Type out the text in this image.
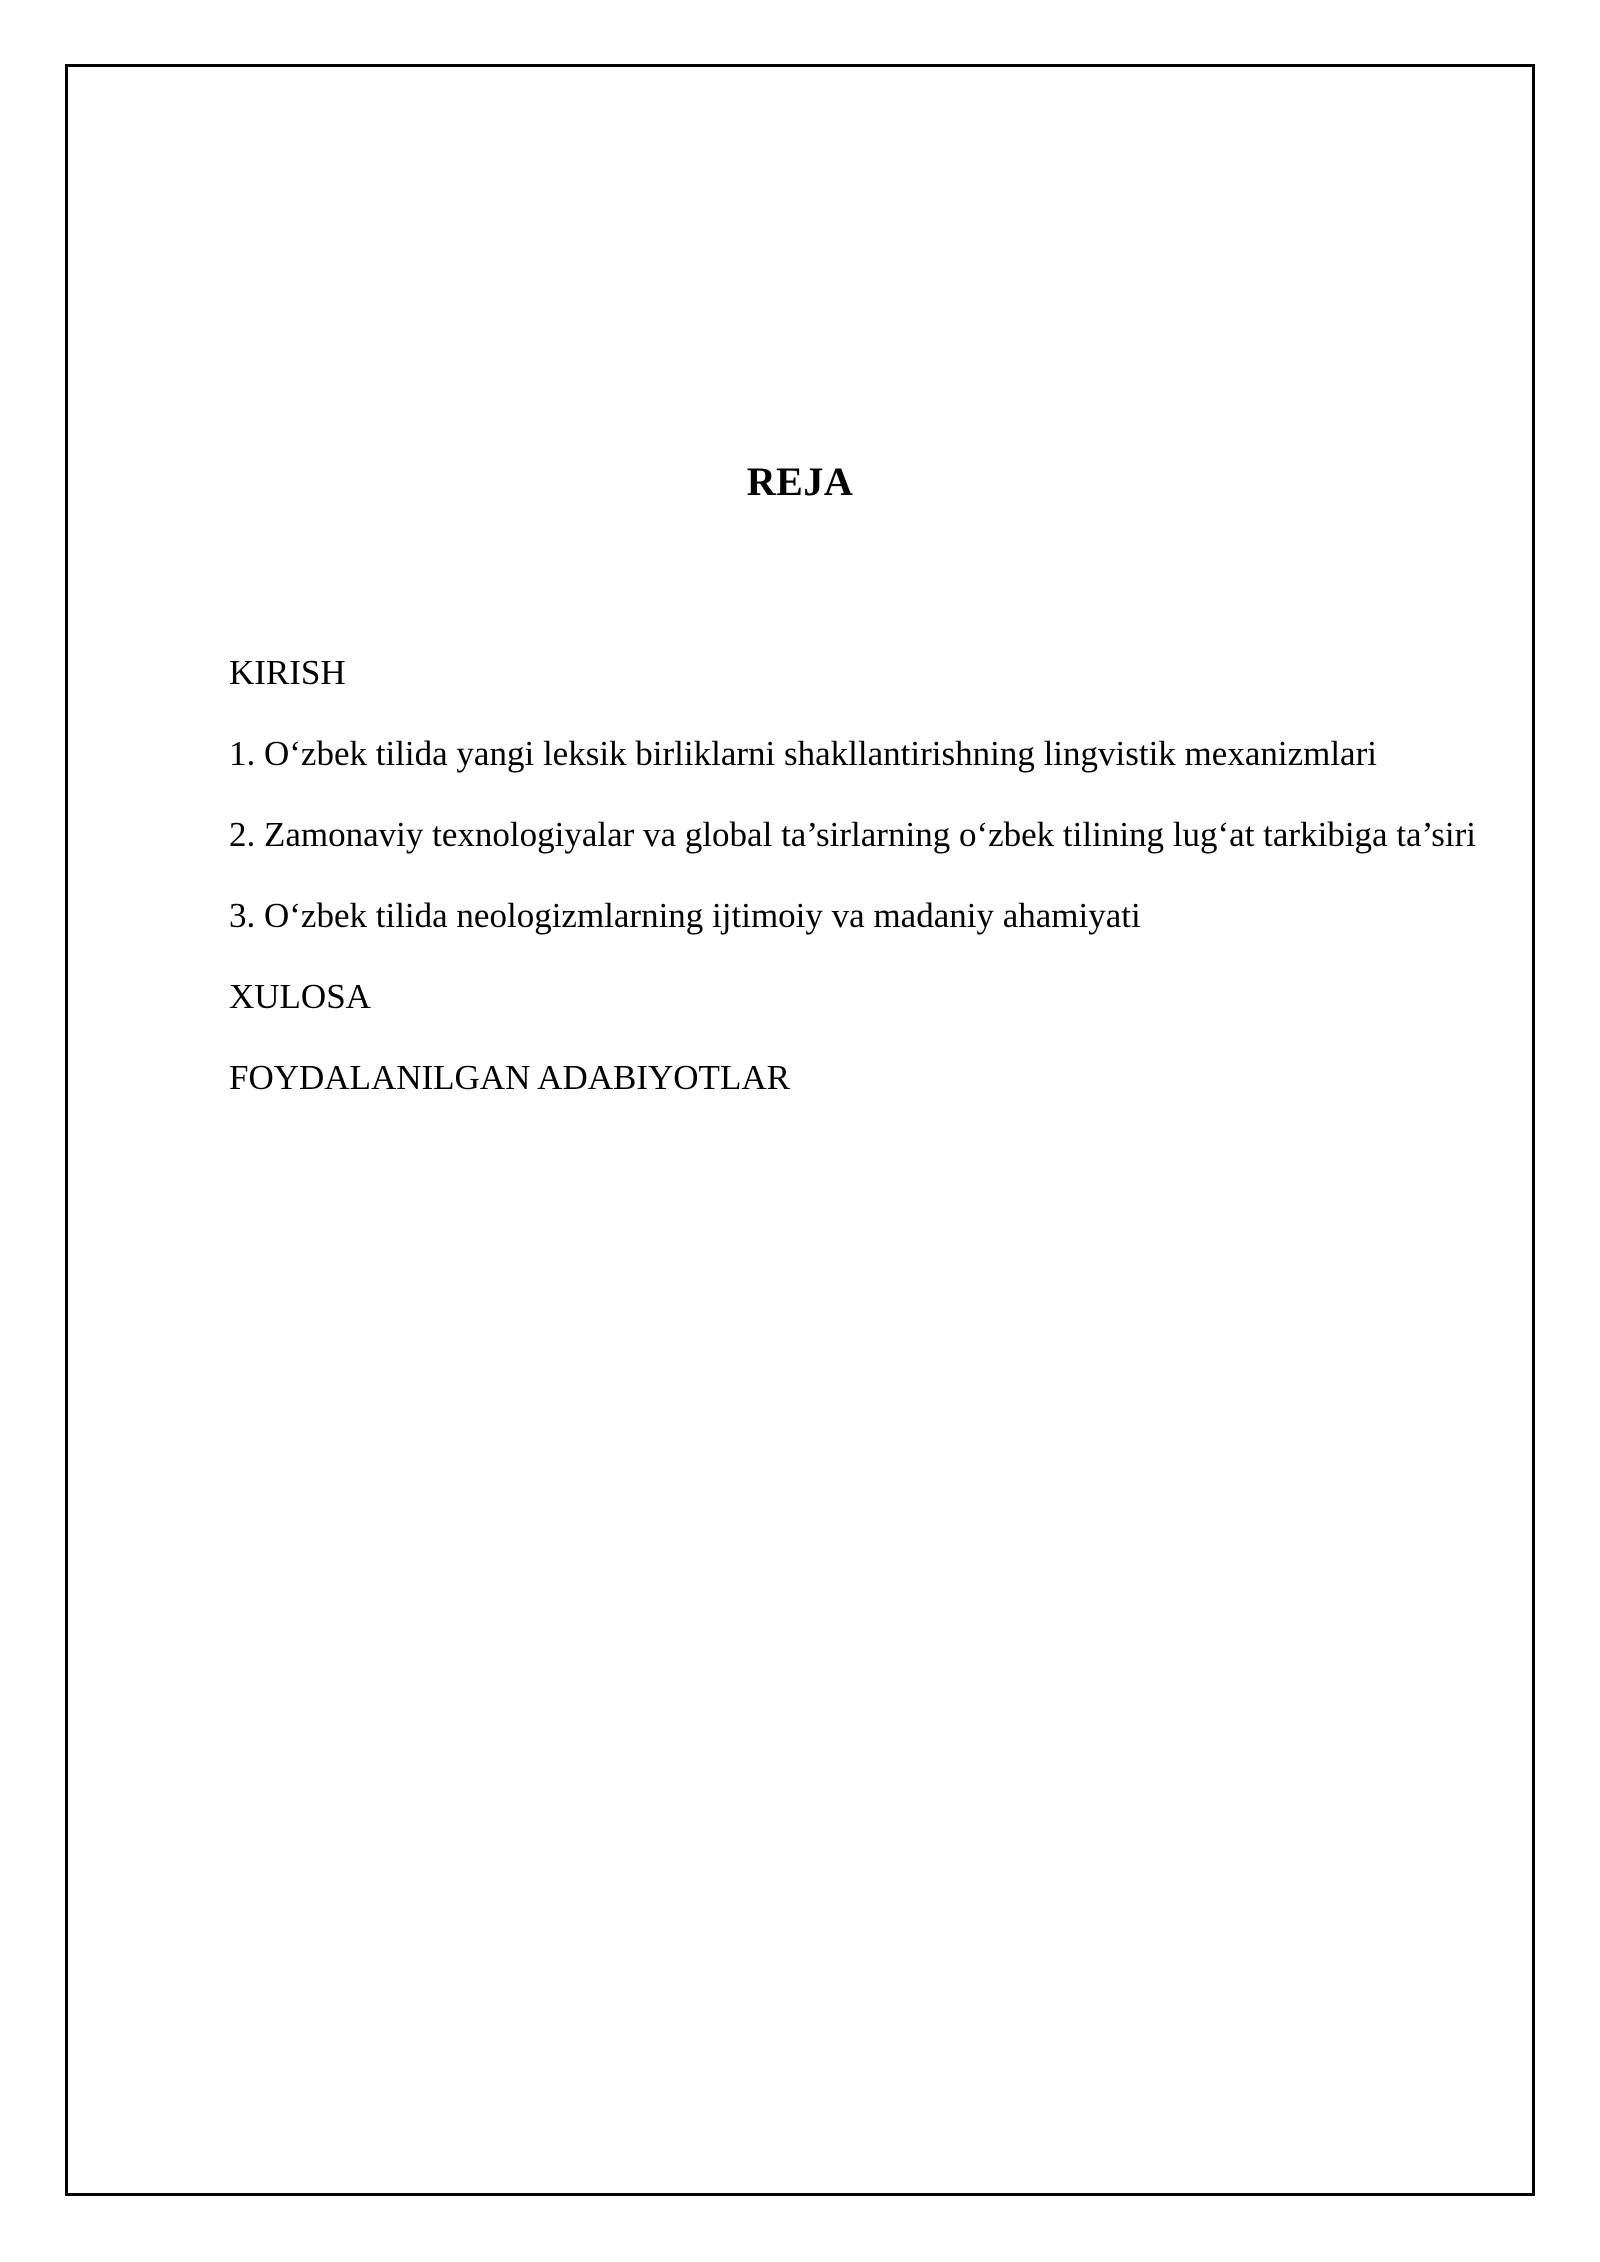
REJA
KIRISH
1. O‘zbek tilida yangi leksik birliklarni shakllantirishning lingvistik mexanizmlari
2. Zamonaviy texnologiyalar va global ta’sirlarning o‘zbek tilining lug‘at tarkibiga ta’siri
3. O‘zbek tilida neologizmlarning ijtimoiy va madaniy ahamiyati
XULOSA
FOYDALANILGAN ADABIYOTLAR
